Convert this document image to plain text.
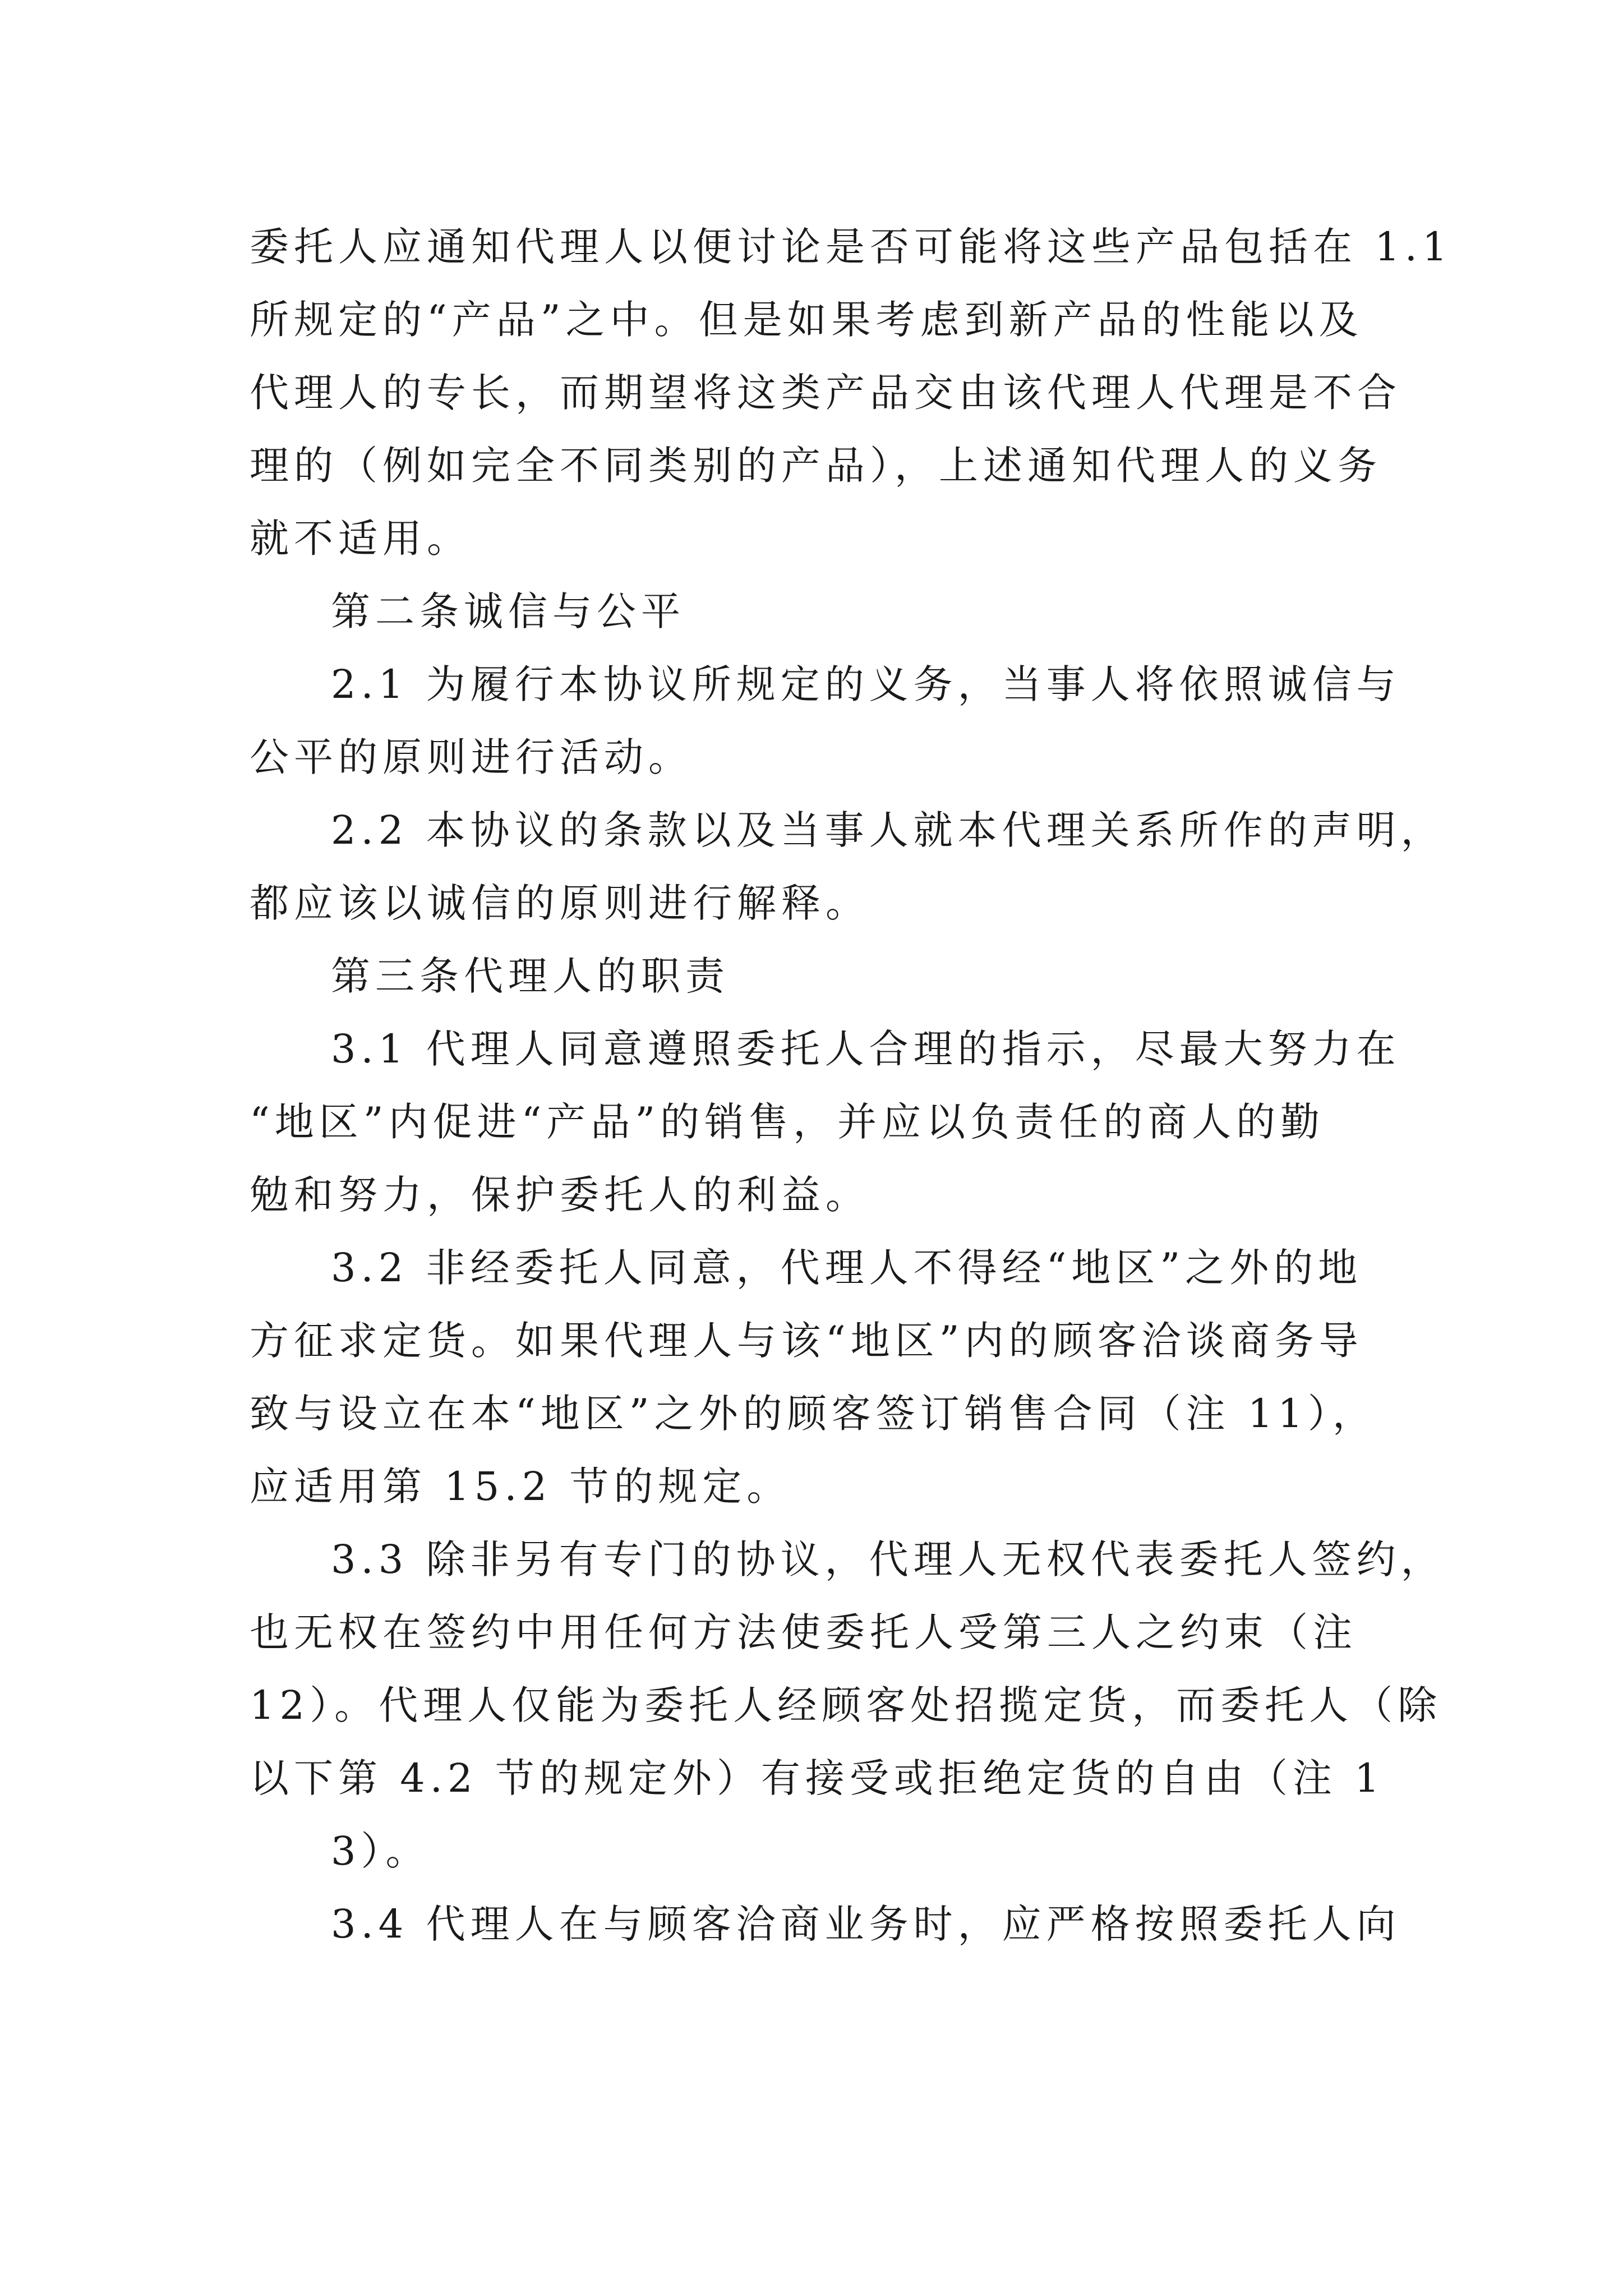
委托人应通知代理人以便讨论是否可能将这些产品包括在 1.1

所规定的“产品”之中。但是如果考虑到新产品的性能以及

代理人的专长，而期望将这类产品交由该代理人代理是不合

理的（例如完全不同类别的产品），上述通知代理人的义务

就不适用。

第二条诚信与公平

2.1 为履行本协议所规定的义务，当事人将依照诚信与

公平的原则进行活动。

2.2 本协议的条款以及当事人就本代理关系所作的声明，

都应该以诚信的原则进行解释。

第三条代理人的职责

3.1 代理人同意遵照委托人合理的指示，尽最大努力在

“地区”内促进“产品”的销售，并应以负责任的商人的勤

勉和努力，保护委托人的利益。

3.2 非经委托人同意，代理人不得经“地区”之外的地

方征求定货。如果代理人与该“地区”内的顾客洽谈商务导

致与设立在本“地区”之外的顾客签订销售合同（注 11），

应适用第 15.2 节的规定。

3.3 除非另有专门的协议，代理人无权代表委托人签约，

也无权在签约中用任何方法使委托人受第三人之约束（注

12）。代理人仅能为委托人经顾客处招揽定货，而委托人（除

以下第 4.2 节的规定外）有接受或拒绝定货的自由（注 1

3）。

3.4 代理人在与顾客洽商业务时，应严格按照委托人向
